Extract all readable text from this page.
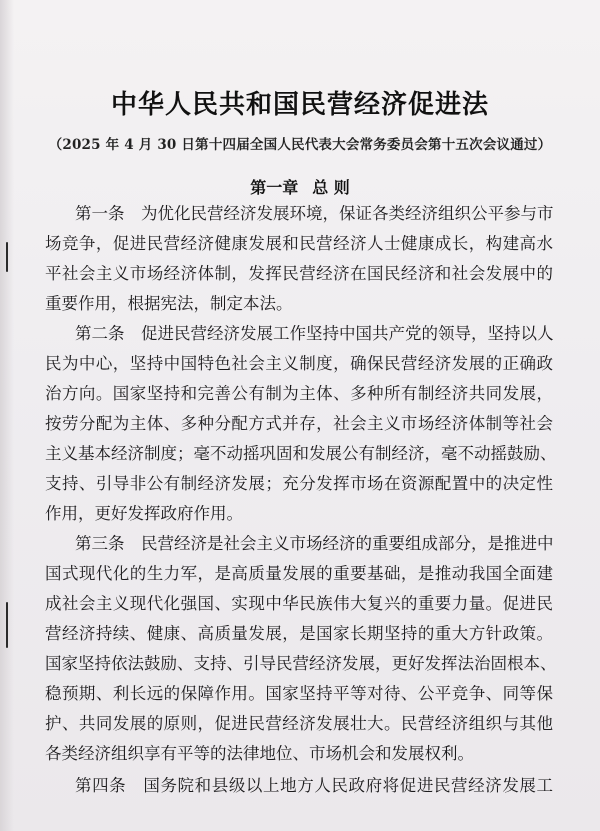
中华人民共和国民营经济促进法
（2025 年 4 月 30 日第十四届全国人民代表大会常务委员会第十五次会议通过）
第一章 总 则
第一条　为优化民营经济发展环境，保证各类经济组织公平参与市
场竞争，促进民营经济健康发展和民营经济人士健康成长，构建高水
平社会主义市场经济体制，发挥民营经济在国民经济和社会发展中的
重要作用，根据宪法，制定本法。
第二条　促进民营经济发展工作坚持中国共产党的领导，坚持以人
民为中心，坚持中国特色社会主义制度，确保民营经济发展的正确政
治方向。国家坚持和完善公有制为主体、多种所有制经济共同发展，
按劳分配为主体、多种分配方式并存，社会主义市场经济体制等社会
主义基本经济制度；毫不动摇巩固和发展公有制经济，毫不动摇鼓励、
支持、引导非公有制经济发展；充分发挥市场在资源配置中的决定性
作用，更好发挥政府作用。
第三条　民营经济是社会主义市场经济的重要组成部分，是推进中
国式现代化的生力军，是高质量发展的重要基础，是推动我国全面建
成社会主义现代化强国、实现中华民族伟大复兴的重要力量。促进民
营经济持续、健康、高质量发展，是国家长期坚持的重大方针政策。
国家坚持依法鼓励、支持、引导民营经济发展，更好发挥法治固根本、
稳预期、利长远的保障作用。国家坚持平等对待、公平竞争、同等保
护、共同发展的原则，促进民营经济发展壮大。民营经济组织与其他
各类经济组织享有平等的法律地位、市场机会和发展权利。
第四条　国务院和县级以上地方人民政府将促进民营经济发展工
